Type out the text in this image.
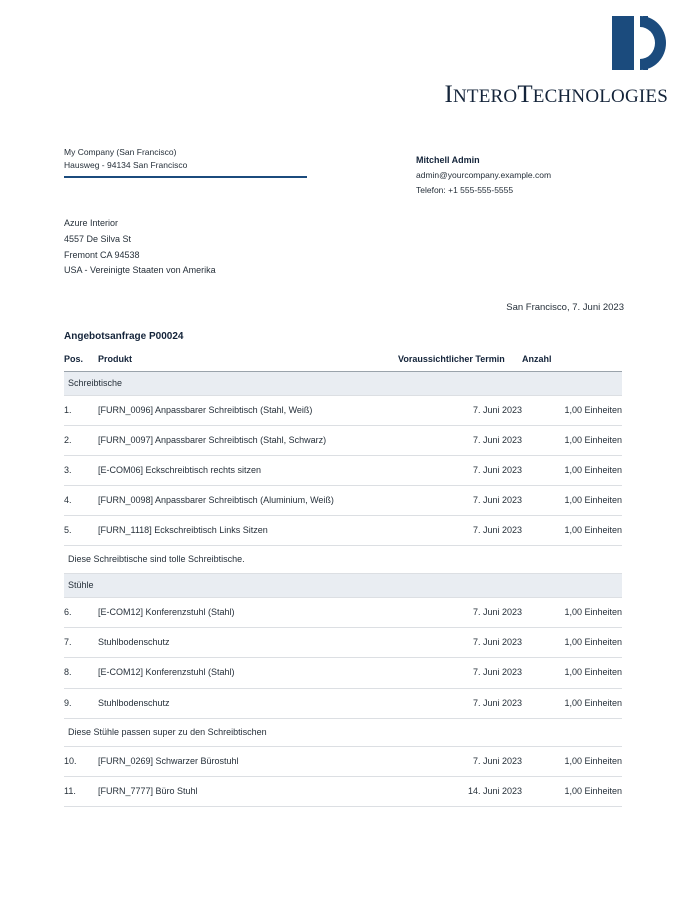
INTEROTECHNOLOGIES
My Company (San Francisco)
Hausweg - 94134 San Francisco
Mitchell Admin
admin@yourcompany.example.com
Telefon: +1 555-555-5555
Azure Interior
4557 De Silva St
Fremont CA 94538
USA - Vereinigte Staaten von Amerika
San Francisco, 7. Juni 2023
Angebotsanfrage P00024
Pos.	Produkt	Voraussichtlicher Termin	Anzahl
Schreibtische			
1.	[FURN_0096] Anpassbarer Schreibtisch (Stahl, Weiß)	7. Juni 2023	1,00 Einheiten
2.	[FURN_0097] Anpassbarer Schreibtisch (Stahl, Schwarz)	7. Juni 2023	1,00 Einheiten
3.	[E-COM06] Eckschreibtisch rechts sitzen	7. Juni 2023	1,00 Einheiten
4.	[FURN_0098] Anpassbarer Schreibtisch (Aluminium, Weiß)	7. Juni 2023	1,00 Einheiten
5.	[FURN_1118] Eckschreibtisch Links Sitzen	7. Juni 2023	1,00 Einheiten
Diese Schreibtische sind tolle Schreibtische.			
Stühle			
6.	[E-COM12] Konferenzstuhl (Stahl)	7. Juni 2023	1,00 Einheiten
7.	Stuhlbodenschutz	7. Juni 2023	1,00 Einheiten
8.	[E-COM12] Konferenzstuhl (Stahl)	7. Juni 2023	1,00 Einheiten
9.	Stuhlbodenschutz	7. Juni 2023	1,00 Einheiten
Diese Stühle passen super zu den Schreibtischen			
10.	[FURN_0269] Schwarzer Bürostuhl	7. Juni 2023	1,00 Einheiten
11.	[FURN_7777] Büro Stuhl	14. Juni 2023	1,00 Einheiten
